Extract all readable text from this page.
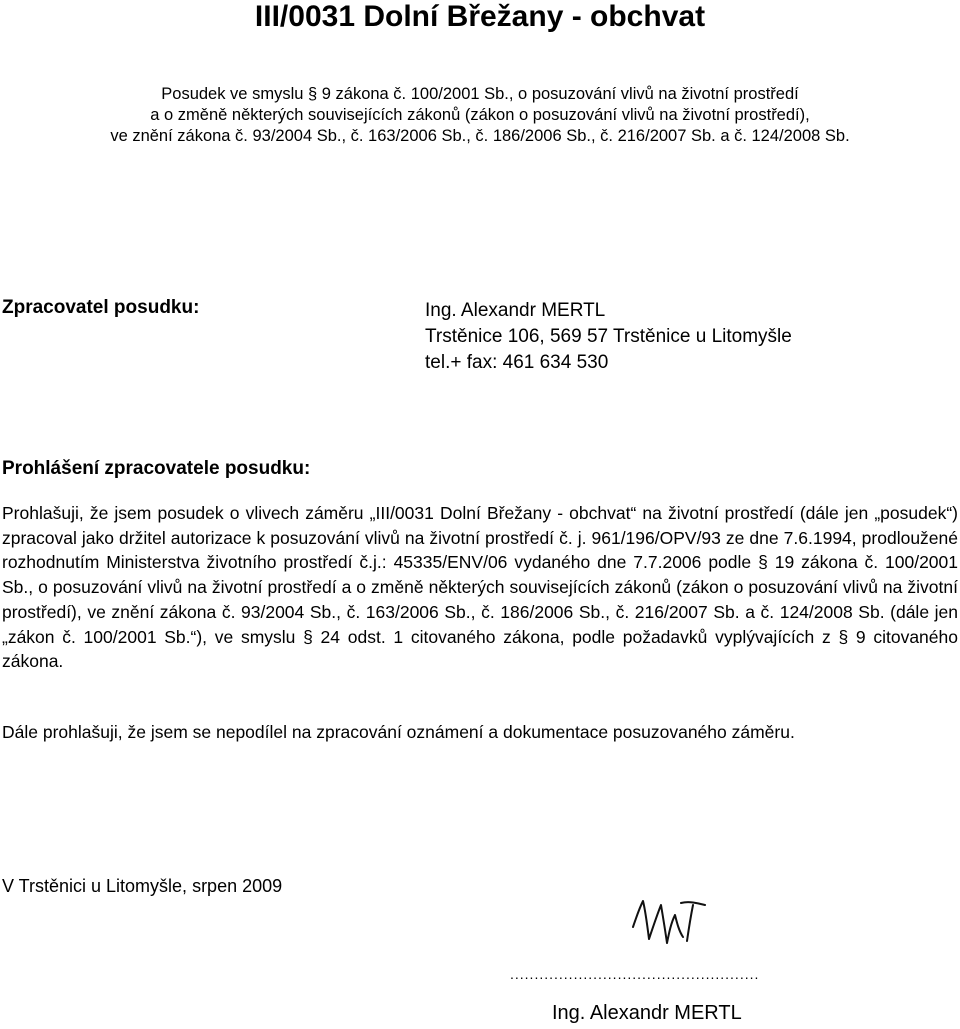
III/0031 Dolní Břežany - obchvat
Posudek ve smyslu § 9 zákona č. 100/2001 Sb., o posuzování vlivů na životní prostředí
a o změně některých souvisejících zákonů (zákon o posuzování vlivů na životní prostředí),
ve znění zákona č. 93/2004 Sb., č. 163/2006 Sb., č. 186/2006 Sb., č. 216/2007 Sb. a č. 124/2008 Sb.
Zpracovatel posudku:	Ing. Alexandr MERTL
Trstěnice 106, 569 57 Trstěnice u Litomyšle
tel.+ fax: 461 634 530
Prohlášení zpracovatele posudku:
Prohlašuji, že jsem posudek o vlivech záměru „III/0031 Dolní Břežany - obchvat“ na životní prostředí (dále jen „posudek“) zpracoval jako držitel autorizace k posuzování vlivů na životní prostředí č. j. 961/196/OPV/93 ze dne 7.6.1994, prodloužené rozhodnutím Ministerstva životního prostředí č.j.: 45335/ENV/06 vydaného dne 7.7.2006 podle § 19 zákona č. 100/2001 Sb., o posuzování vlivů na životní prostředí a o změně některých souvisejících zákonů (zákon o posuzování vlivů na životní prostředí), ve znění zákona č. 93/2004 Sb., č. 163/2006 Sb., č. 186/2006 Sb., č. 216/2007 Sb. a č. 124/2008 Sb. (dále jen „zákon č. 100/2001 Sb.“), ve smyslu § 24 odst. 1 citovaného zákona, podle požadavků vyplývajících z § 9 citovaného zákona.
Dále prohlašuji, že jsem se nepodílel na zpracování oznámení a dokumentace posuzovaného záměru.
V Trstěnici u Litomyšle, srpen 2009
...................................................
Ing. Alexandr MERTL
